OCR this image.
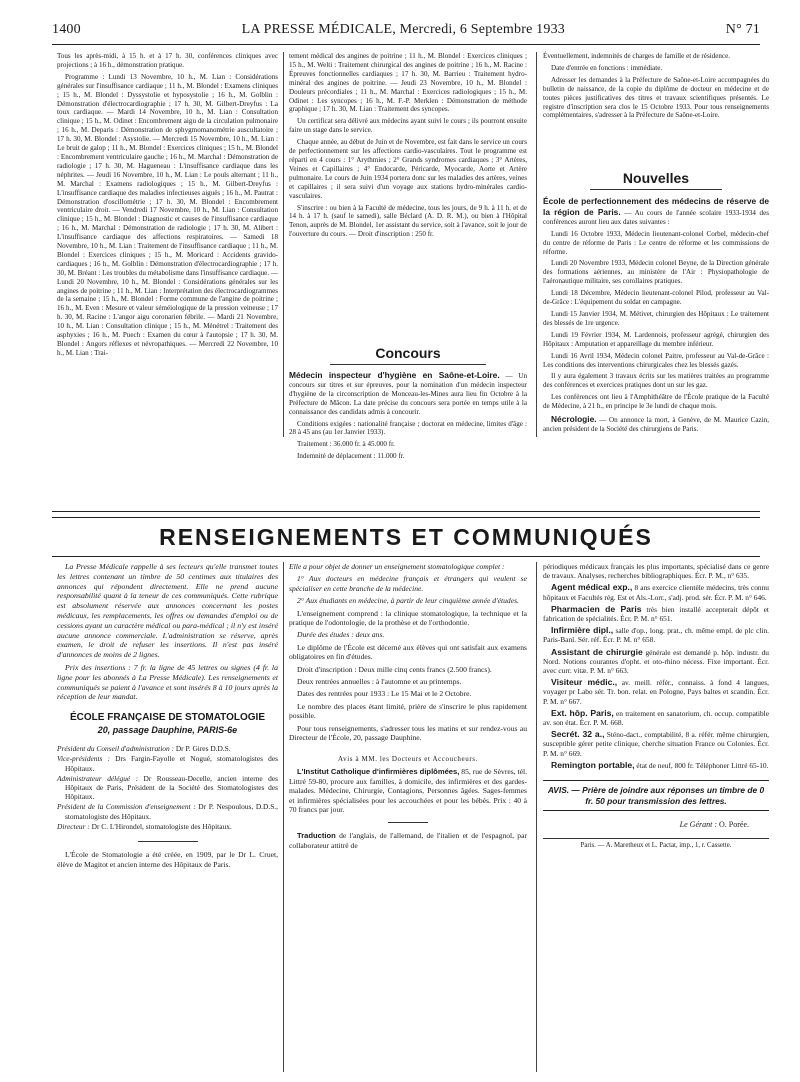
1400	LA PRESSE MÉDICALE, Mercredi, 6 Septembre 1933	N° 71

Tous les après-midi, à 15 h. et à 17 h. 30, conférences cliniques avec projections ; à 16 h., démonstration pratique.

Programme : Lundi 13 Novembre, 10 h., M. Lian : Considérations générales sur l'insuffisance cardiaque ; 11 h., M. Blondel : Examens cliniques ; 15 h., M. Blondel : Dyssystolie et hyposystolie ; 16 h., M. Golblin : Démonstration d'électrocardiographie ; 17 h. 30, M. Gilbert-Dreyfus : La toux cardiaque. — Mardi 14 Novembre, 10 h., M. Lian : Consultation clinique ; 15 h., M. Odinet : Encombrement aigu de la circulation pulmonaire ; 16 h., M. Deparis : Démonstration de sphygmomanométrie auscultatoire ; 17 h. 30, M. Blondel : Asystolie. — Mercredi 15 Novembre, 10 h., M. Lian : Le bruit de galop ; 11 h., M. Blondel : Exercices cliniques ; 15 h., M. Blondel : Encombrement ventriculaire gauche ; 16 h., M. Marchal : Démonstration de radiologie ; 17 h. 30, M. Hagueneau : L'insuffisance cardiaque dans les néphrites. — Jeudi 16 Novembre, 10 h., M. Lian : Le pouls alternant ; 11 h., M. Marchal : Examens radiologiques ; 15 h., M. Gilbert-Dreyfus : L'insuffisance cardiaque des maladies infectieuses aiguës ; 16 h., M. Pautrat : Démonstration d'oscillométrie ; 17 h. 30, M. Blondel : Encombrement ventriculaire droit. — Vendredi 17 Novembre, 10 h., M. Lian : Consultation clinique ; 15 h., M. Blondel : Diagnostic et causes de l'insuffisance cardiaque ; 16 h., M. Marchal : Démonstration de radiologie ; 17 h. 30, M. Alibert : L'insuffisance cardiaque des affections respiratoires. — Samedi 18 Novembre, 10 h., M. Lian : Traitement de l'insuffisance cardiaque ; 11 h., M. Blondel : Exercices cliniques ; 15 h., M. Moricard : Accidents gravido-cardiaques ; 16 h., M. Golblin : Démonstration d'électrocardiographie ; 17 h. 30, M. Bréant : Les troubles du métabolisme dans l'insuffisance cardiaque. — Lundi 20 Novembre, 10 h., M. Blondel : Considérations générales sur les angines de poitrine ; 11 h., M. Lian : Interprétation des électrocardiogrammes de la semaine ; 15 h., M. Blondel : Forme commune de l'angine de poitrine ; 16 h., M. Even : Mesure et valeur séméiologique de la pression veineuse ; 17 h. 30, M. Racine : L'angor aigu coronarien fébrile. — Mardi 21 Novembre, 10 h., M. Lian : Consultation clinique ; 15 h., M. Ménétrel : Traitement des asphyxies ; 16 h., M. Puech : Examen du cœur à l'autopsie ; 17 h. 30, M. Blondel : Angors réflexes et névropathiques. — Mercredi 22 Novembre, 10 h., M. Lian : Trai-

tement médical des angines de poitrine ; 11 h., M. Blondel : Exercices cliniques ; 15 h., M. Welti : Traitement chirurgical des angines de poitrine ; 16 h., M. Racine : Épreuves fonctionnelles cardiaques ; 17 h. 30, M. Barrieu : Traitement hydro-minéral des angines de poitrine. — Jeudi 23 Novembre, 10 h., M. Blondel : Douleurs précordiales ; 11 h., M. Marchal : Exercices radiologiques ; 15 h., M. Odinet : Les syncopes ; 16 h., M. F.-P. Merklen : Démonstration de méthode graphique ; 17 h. 30, M. Lian : Traitement des syncopes.

Un certificat sera délivré aux médecins ayant suivi le cours ; ils pourront ensuite faire un stage dans le service.

Chaque année, au début de Juin et de Novembre, est fait dans le service un cours de perfectionnement sur les affections cardio-vasculaires. Tout le programme est réparti en 4 cours : 1° Arythmies ; 2° Grands syndromes cardiaques ; 3° Artères, Veines et Capillaires ; 4° Endocarde, Péricarde, Myocarde, Aorte et Artère pulmonaire. Le cours de Juin 1934 portera donc sur les maladies des artères, veines et capillaires ; il sera suivi d'un voyage aux stations hydro-minérales cardio-vasculaires.

S'inscrire : ou bien à la Faculté de médecine, tous les jours, de 9 h. à 11 h. et de 14 h. à 17 h. (sauf le samedi), salle Béclard (A. D. R. M.), ou bien à l'Hôpital Tenon, auprès de M. Blondel, 1er assistant du service, soit à l'avance, soit le jour de l'ouverture du cours. — Droit d'inscription : 250 fr.

Concours

Médecin inspecteur d'hygiène en Saône-et-Loire. — Un concours sur titres et sur épreuves, pour la nomination d'un médecin inspecteur d'hygiène de la circonscription de Monceau-les-Mines aura lieu fin Octobre à la Préfecture de Mâcon. La date précise du concours sera portée en temps utile à la connaissance des candidats admis à concourir.

Conditions exigées : nationalité française ; doctorat en médecine, limites d'âge : 28 à 45 ans (au 1er Janvier 1933).

Traitement : 36.000 fr. à 45.000 fr.

Indemnité de déplacement : 11.000 fr.

Éventuellement, indemnités de charges de famille et de résidence.

Date d'entrée en fonctions : immédiate.

Adresser les demandes à la Préfecture de Saône-et-Loire accompagnées du bulletin de naissance, de la copie du diplôme de docteur en médecine et de toutes pièces justificatives des titres et travaux scientifiques présentés. Le registre d'inscription sera clos le 15 Octobre 1933. Pour tous renseignements complémentaires, s'adresser à la Préfecture de Saône-et-Loire.

Nouvelles

École de perfectionnement des médecins de réserve de la région de Paris. — Au cours de l'année scolaire 1933-1934 des conférences auront lieu aux dates suivantes :

Lundi 16 Octobre 1933, Médecin lieutenant-colonel Corbel, médecin-chef du centre de réforme de Paris : Le centre de réforme et les commissions de réforme.

Lundi 20 Novembre 1933, Médecin colonel Beyne, de la Direction générale des formations aériennes, au ministère de l'Air : Physiopathologie de l'aéronautique militaire, ses corollaires pratiques.

Lundi 18 Décembre, Médecin lieutenant-colonel Pilod, professeur au Val-de-Grâce : L'équipement du soldat en campagne.

Lundi 15 Janvier 1934, M. Métivet, chirurgien des Hôpitaux : Le traitement des blessés de 1re urgence.

Lundi 19 Février 1934, M. Lardennois, professeur agrégé, chirurgien des Hôpitaux : Amputation et appareillage du membre inférieur.

Lundi 16 Avril 1934, Médecin colonel Paitre, professeur au Val-de-Grâce : Les conditions des interventions chirurgicales chez les blessés gazés.

Il y aura également 3 travaux écrits sur les matières traitées au programme des conférences et exercices pratiques dont un sur les gaz.

Les conférences ont lieu à l'Amphithéâtre de l'École pratique de la Faculté de Médecine, à 21 h., en principe le 3e lundi de chaque mois.

Nécrologie. — On annonce la mort, à Genève, de M. Maurice Cazin, ancien président de la Société des chirurgiens de Paris.

RENSEIGNEMENTS ET COMMUNIQUÉS

La Presse Médicale rappelle à ses lecteurs qu'elle transmet toutes les lettres contenant un timbre de 50 centimes aux titulaires des annonces qui répondent directement. Elle ne prend aucune responsabilité quant à la teneur de ces communiqués. Cette rubrique est absolument réservée aux annonces concernant les postes médicaux, les remplacements, les offres ou demandes d'emploi ou de cessions ayant un caractère médical ou para-médical ; il n'y est inséré aucune annonce commerciale. L'administration se réserve, après examen, le droit de refuser les insertions. Il n'est pas inséré d'annonces de moins de 2 lignes.

Prix des insertions : 7 fr. la ligne de 45 lettres ou signes (4 fr. la ligne pour les abonnés à La Presse Médicale). Les renseignements et communiqués se paient à l'avance et sont insérés 8 à 10 jours après la réception de leur mandat.

ÉCOLE FRANÇAISE DE STOMATOLOGIE
20, passage Dauphine, PARIS-6e
Président du Conseil d'administration : Dr P. Gires D.D.S.
Vice-présidents : Drs Fargin-Fayolle et Nogué, stomatologistes des Hôpitaux.
Administrateur délégué : Dr Rousseau-Decelle, ancien interne des Hôpitaux de Paris, Président de la Société des Stomatologistes des Hôpitaux.
Président de la Commission d'enseignement : Dr P. Nespoulous, D.D.S., stomatologiste des Hôpitaux.
Directeur : Dr C. L'Hirondel, stomatologiste des Hôpitaux.

L'École de Stomatologie a été créée, en 1909, par le Dr L. Cruet, élève de Magitot et ancien interne des Hôpitaux de Paris.

Elle a pour objet de donner un enseignement stomatologique complet :

1° Aux docteurs en médecine français et étrangers qui veulent se spécialiser en cette branche de la médecine.

2° Aux étudiants en médecine, à partir de leur cinquième année d'études.

L'enseignement comprend : la clinique stomatologique, la technique et la pratique de l'odontologie, de la prothèse et de l'orthodontie.

Durée des études : deux ans.

Le diplôme de l'École est décerné aux élèves qui ont satisfait aux examens obligatoires en fin d'études.

Droit d'inscription : Deux mille cinq cents francs (2.500 francs).

Deux rentrées annuelles : à l'automne et au printemps.

Dates des rentrées pour 1933 : Le 15 Mai et le 2 Octobre.

Le nombre des places étant limité, prière de s'inscrire le plus rapidement possible.

Pour tous renseignements, s'adresser tous les matins et sur rendez-vous au Directeur de l'École, 20, passage Dauphine.

Avis à MM. les Docteurs et Accoucheurs.

L'Institut Catholique d'infirmières diplômées, 85, rue de Sèvres, tél. Littré 59-80, procure aux familles, à domicile, des infirmières et des gardes-malades. Médecine, Chirurgie, Contagions, Personnes âgées. Sages-femmes et infirmières spécialisées pour les accouchées et pour les bébés. Prix : 40 à 70 francs par jour.

Traduction de l'anglais, de l'allemand, de l'italien et de l'espagnol, par collaborateur attitré de

périodiques médicaux français les plus importants, spécialisé dans ce genre de travaux. Analyses, recherches bibliographiques. Écr. P. M., n° 635.

Agent médical exp., 8 ans exercice clientèle médecins, très connu hôpitaux et Facultés rég. Est et Als.-Lorr., s'adj. prod. sér. Écr. P. M. n° 646.

Pharmacien de Paris très bien installé accepterait dépôt et fabrication de spécialités. Écr. P. M. n° 651.

Infirmière dipl., salle d'op., long. prat., ch. même empl. de plc clin. Paris-Banl. Sér. réf. Écr. P. M. n° 658.

Assistant de chirurgie générale est demandé p. hôp. industr. du Nord. Notions courantes d'opht. et oto-rhino nécess. Fixe important. Écr. avec curr. vitæ. P. M. n° 663.

Visiteur médic., av. meill. référ., connaiss. à fond 4 langues, voyager pr Labo sér. Tr. bon. relat. en Pologne, Pays baltes et scandin. Écr. P. M. n° 667.

Ext. hôp. Paris, en traitement en sanatorium, ch. occup. compatible av. son état. Écr. P. M. 668.

Secrét. 32 a., Sténo-dact., comptabilité, 8 a. référ. même chirurgien, susceptible gérer petite clinique, cherche situation France ou Colonies. Écr. P. M. n° 669.

Remington portable, état de neuf, 800 fr. Téléphoner Littré 65-10.

AVIS. — Prière de joindre aux réponses un timbre de 0 fr. 50 pour transmission des lettres.
Le Gérant : O. Porée.
Paris. — A. Maretheux et L. Pactat, imp., 1, r. Cassette.
